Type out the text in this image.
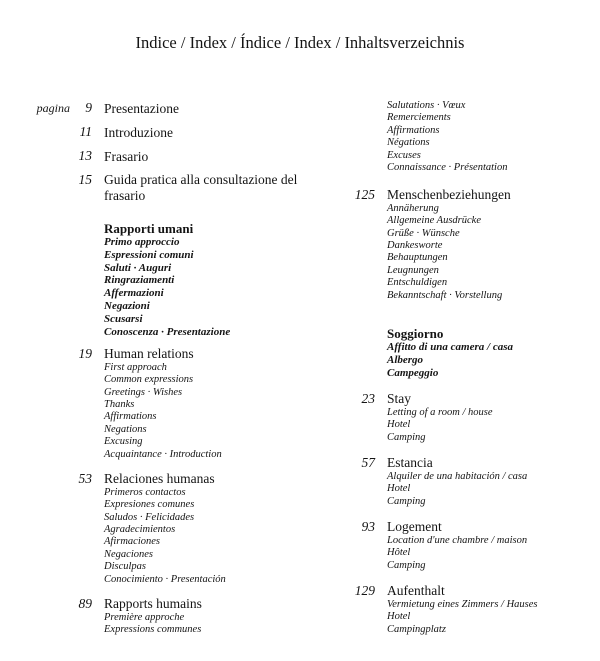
Indice / Index / Índice / Index / Inhaltsverzeichnis
pagina 9 Presentazione
11 Introduzione
13 Frasario
15 Guida pratica alla consultazione del frasario
Rapporti umani
Primo approccio
Espressioni comuni
Saluti · Auguri
Ringraziamenti
Affermazioni
Negazioni
Scusarsi
Conoscenza · Presentazione
19 Human relations
First approach
Common expressions
Greetings · Wishes
Thanks
Affirmations
Negations
Excusing
Acquaintance · Introduction
53 Relaciones humanas
Primeros contactos
Expresiones comunes
Saludos · Felicidades
Agradecimientos
Afirmaciones
Negaciones
Disculpas
Conocimiento · Presentación
89 Rapports humains
Première approche
Expressions communes
Salutations · Vœux
Remerciements
Affirmations
Négations
Excuses
Connaissance · Présentation
125 Menschenbeziehungen
Annäherung
Allgemeine Ausdrücke
Grüße · Wünsche
Dankesworte
Behauptungen
Leugnungen
Entschuldigen
Bekanntschaft · Vorstellung
Soggiorno
Affitto di una camera / casa
Albergo
Campeggio
23 Stay
Letting of a room / house
Hotel
Camping
57 Estancia
Alquiler de una habitación / casa
Hotel
Camping
93 Logement
Location d'une chambre / maison
Hôtel
Camping
129 Aufenthalt
Vermietung eines Zimmers / Hauses
Hotel
Campingplatz
